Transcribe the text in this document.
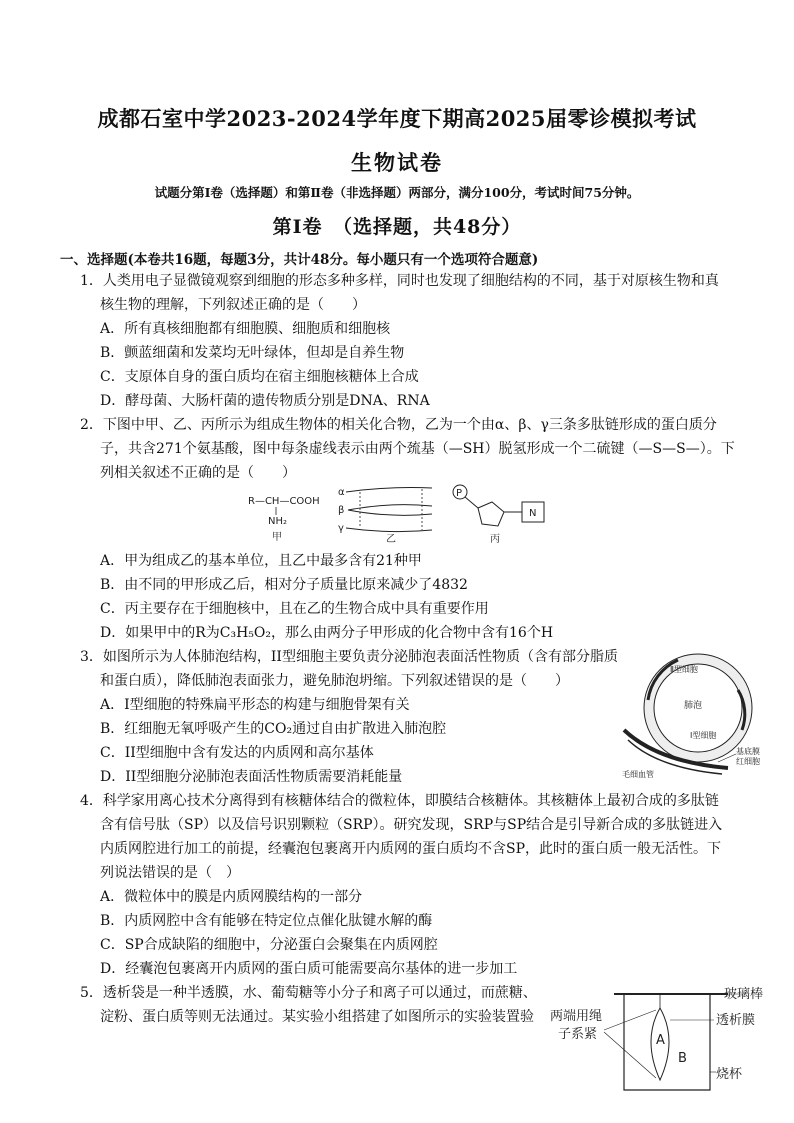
成都石室中学2023-2024学年度下期高2025届零诊模拟考试
生物试卷
试题分第Ⅰ卷（选择题）和第Ⅱ卷（非选择题）两部分，满分100分，考试时间75分钟。
第Ⅰ卷　（选择题，共48分）
一、选择题(本卷共16题，每题3分，共计48分。每小题只有一个选项符合题意)
1．人类用电子显微镜观察到细胞的形态多种多样，同时也发现了细胞结构的不同，基于对原核生物和真
核生物的理解，下列叙述正确的是（　　）
A．所有真核细胞都有细胞膜、细胞质和细胞核
B．颤蓝细菌和发菜均无叶绿体，但却是自养生物
C．支原体自身的蛋白质均在宿主细胞核糖体上合成
D．酵母菌、大肠杆菌的遗传物质分别是DNA、RNA
2．下图中甲、乙、丙所示为组成生物体的相关化合物，乙为一个由α、β、γ三条多肽链形成的蛋白质分
子，共含271个氨基酸，图中每条虚线表示由两个巯基（—SH）脱氢形成一个二硫键（—S—S—）。下
列相关叙述不正确的是（　　）
R—CH—COOH
NH₂
甲
α
β
γ
乙
P
N
丙
A．甲为组成乙的基本单位，且乙中最多含有21种甲
B．由不同的甲形成乙后，相对分子质量比原来减少了4832
C．丙主要存在于细胞核中，且在乙的生物合成中具有重要作用
D．如果甲中的R为C₃H₅O₂，那么由两分子甲形成的化合物中含有16个H
3．如图所示为人体肺泡结构，II型细胞主要负责分泌肺泡表面活性物质（含有部分脂质
和蛋白质），降低肺泡表面张力，避免肺泡坍缩。下列叙述错误的是（　　）
A．I型细胞的特殊扁平形态的构建与细胞骨架有关
B．红细胞无氧呼吸产生的CO₂通过自由扩散进入肺泡腔
C．II型细胞中含有发达的内质网和高尔基体
D．II型细胞分泌肺泡表面活性物质需要消耗能量
Ⅱ型细胞
肺泡
Ⅰ型细胞
基底膜
红细胞
毛细血管
4．科学家用离心技术分离得到有核糖体结合的微粒体，即膜结合核糖体。其核糖体上最初合成的多肽链
含有信号肽（SP）以及信号识别颗粒（SRP）。研究发现，SRP与SP结合是引导新合成的多肽链进入
内质网腔进行加工的前提，经囊泡包裹离开内质网的蛋白质均不含SP，此时的蛋白质一般无活性。下
列说法错误的是（　）
A．微粒体中的膜是内质网膜结构的一部分
B．内质网腔中含有能够在特定位点催化肽键水解的酶
C．SP合成缺陷的细胞中，分泌蛋白会聚集在内质网腔
D．经囊泡包裹离开内质网的蛋白质可能需要高尔基体的进一步加工
5．透析袋是一种半透膜，水、葡萄糖等小分子和离子可以通过，而蔗糖、
淀粉、蛋白质等则无法通过。某实验小组搭建了如图所示的实验装置验
玻璃棒
A
B
透析膜
两端用绳
子系紧
烧杯
